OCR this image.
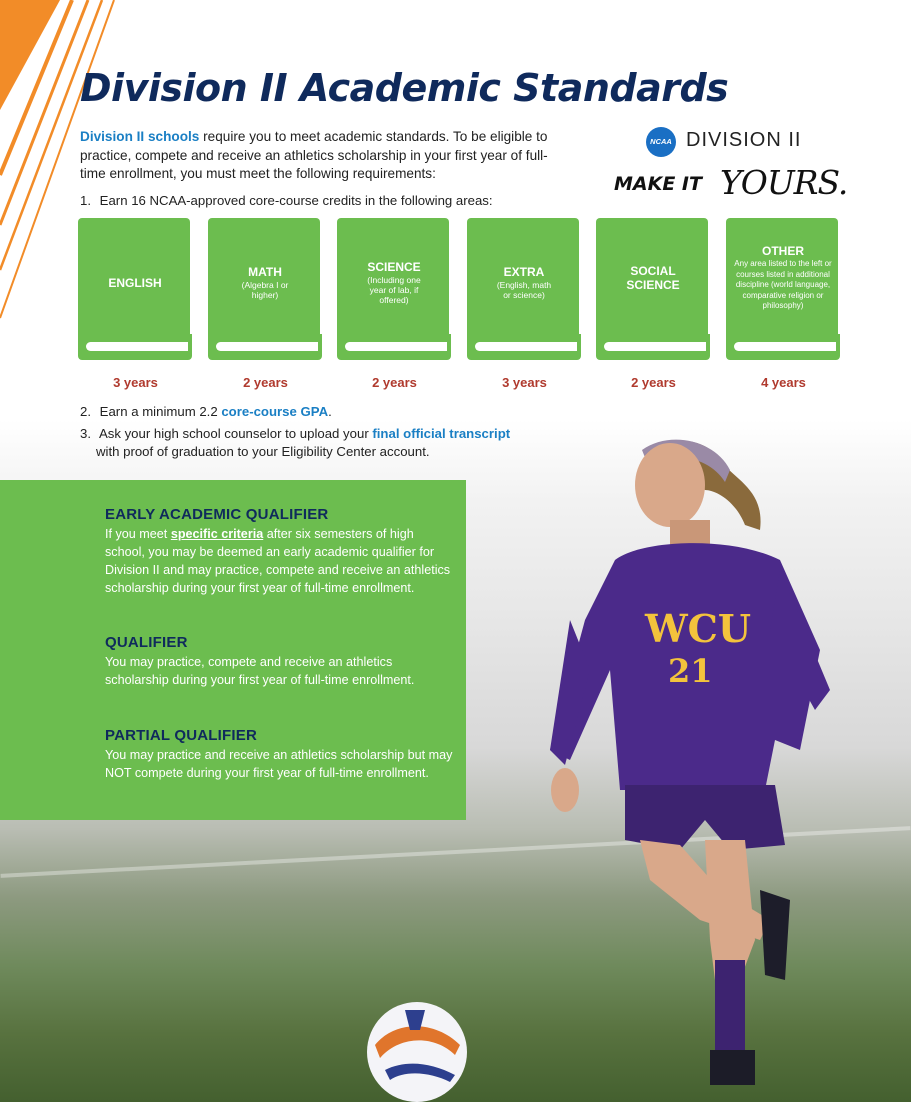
WCU
21
Division II Academic Standards
Division II schools require you to meet academic standards. To be eligible to practice, compete and receive an athletics scholarship in your first year of full-time enrollment, you must meet the following requirements:
NCAA DIVISION II
MAKE IT YOURS.
1. Earn 16 NCAA-approved core-course credits in the following areas:
ENGLISH
3 years
MATH
(Algebra I or higher)
2 years
SCIENCE
(Including one year of lab, if offered)
2 years
EXTRA
(English, math or science)
3 years
SOCIAL SCIENCE
2 years
OTHER
Any area listed to the left or courses listed in additional discipline (world language, comparative religion or philosophy)
4 years
2. Earn a minimum 2.2 core-course GPA.
3. Ask your high school counselor to upload your final official transcript
with proof of graduation to your Eligibility Center account.
EARLY ACADEMIC QUALIFIER

If you meet specific criteria after six semesters of high school, you may be deemed an early academic qualifier for Division II and may practice, compete and receive an athletics scholarship during your first year of full-time enrollment.

QUALIFIER

You may practice, compete and receive an athletics scholarship during your first year of full-time enrollment.

PARTIAL QUALIFIER

You may practice and receive an athletics scholarship but may NOT compete during your first year of full-time enrollment.
